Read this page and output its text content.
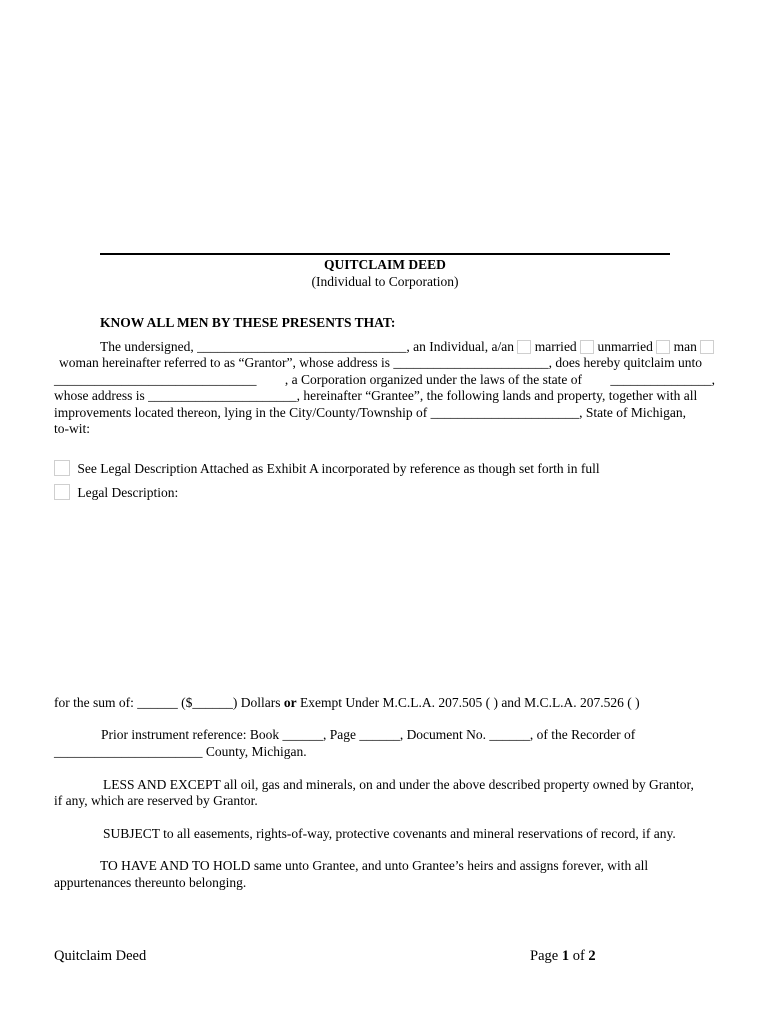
QUITCLAIM DEED
(Individual to Corporation)
KNOW ALL MEN BY THESE PRESENTS THAT:
The undersigned, _______________________________, an Individual, a/an married unmarried man
woman hereinafter referred to as “Grantor”, whose address is _______________________, does hereby quitclaim unto
______________________________ , a Corporation organized under the laws of the state of _______________,
whose address is ______________________, hereinafter “Grantee”, the following lands and property, together with all
improvements located thereon, lying in the City/County/Township of ______________________, State of Michigan,
to-wit:
See Legal Description Attached as Exhibit A incorporated by reference as though set forth in full
Legal Description:
for the sum of: ______ ($______) Dollars or Exempt Under M.C.L.A. 207.505 ( ) and M.C.L.A. 207.526 ( )
Prior instrument reference: Book ______, Page ______, Document No. ______, of the Recorder of
______________________ County, Michigan.
LESS AND EXCEPT all oil, gas and minerals, on and under the above described property owned by Grantor,
if any, which are reserved by Grantor.
SUBJECT to all easements, rights-of-way, protective covenants and mineral reservations of record, if any.
TO HAVE AND TO HOLD same unto Grantee, and unto Grantee’s heirs and assigns forever, with all
appurtenances thereunto belonging.
Quitclaim Deed	Page 1 of 2
